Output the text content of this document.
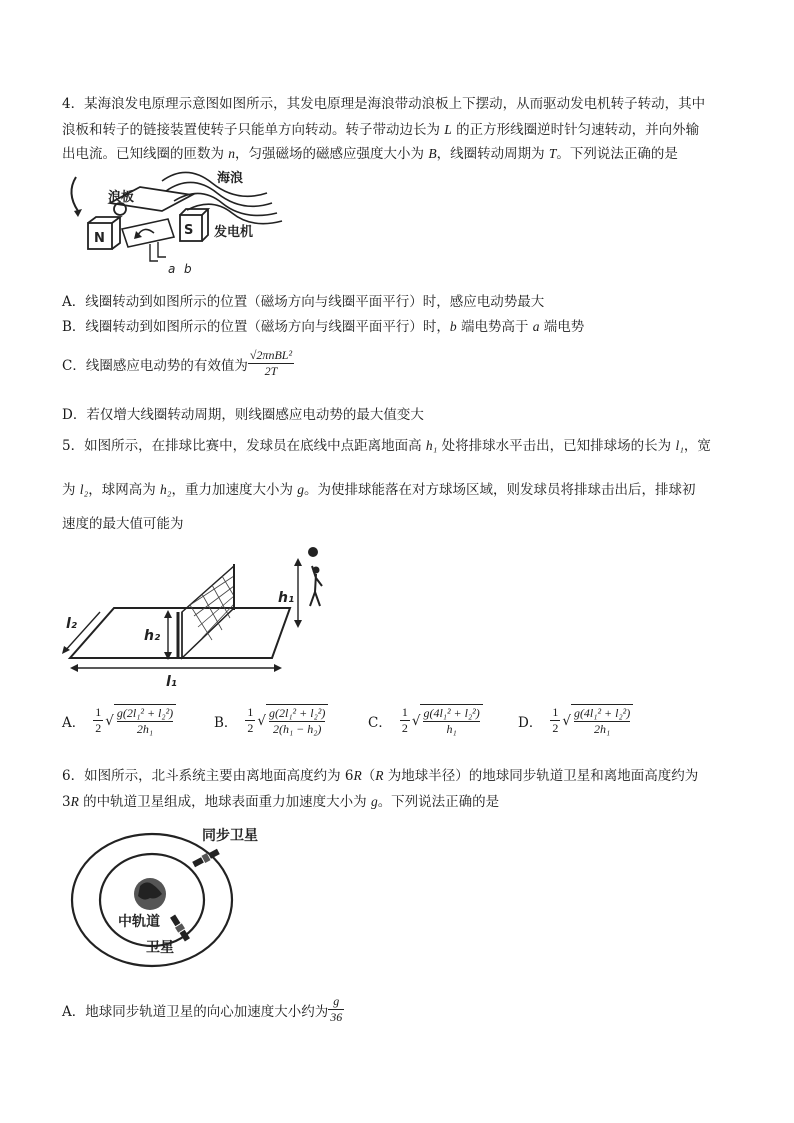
4．某海浪发电原理示意图如图所示，其发电原理是海浪带动浪板上下摆动，从而驱动发电机转子转动，其中
浪板和转子的链接装置使转子只能单方向转动。转子带动边长为 L 的正方形线圈逆时针匀速转动，并向外输
出电流。已知线圈的匝数为 n，匀强磁场的磁感应强度大小为 B，线圈转动周期为 T。下列说法正确的是
海浪
浪板
N
S 发电机
a b
A．线圈转动到如图所示的位置（磁场方向与线圈平面平行）时，感应电动势最大
B．线圈转动到如图所示的位置（磁场方向与线圈平面平行）时，b 端电势高于 a 端电势
C．线圈感应电动势的有效值为 $\frac{\text{√2πnBL²}}{2T}$
D．若仅增大线圈转动周期，则线圈感应电动势的最大值变大
5．如图所示，在排球比赛中，发球员在底线中点距离地面高 h₁ 处将排球水平击出，已知排球场的长为 l₁，宽
为 l₂，球网高为 h₂，重力加速度大小为 g。为使排球能落在对方球场区域，则发球员将排球击出后，排球初
速度的最大值可能为
h₁
h₂
l₂
l₁
A．
1
2 √ g(2l₁² + l₂²)
2h₁	B．
1
2 √ g(2l₁² + l₂²)
2(h₁ − h₂)	C．
1
2 √ g(4l₁² + l₂²)
h₁	D．
1
2 √ g(4l₁² + l₂²)
2h₁
6．如图所示，北斗系统主要由离地面高度约为 6R（R 为地球半径）的地球同步轨道卫星和离地面高度约为
3R 的中轨道卫星组成，地球表面重力加速度大小为 g。下列说法正确的是
同步卫星
中轨道
卫星
A．地球同步轨道卫星的向心加速度大小约为 $\frac{g}{36}$
